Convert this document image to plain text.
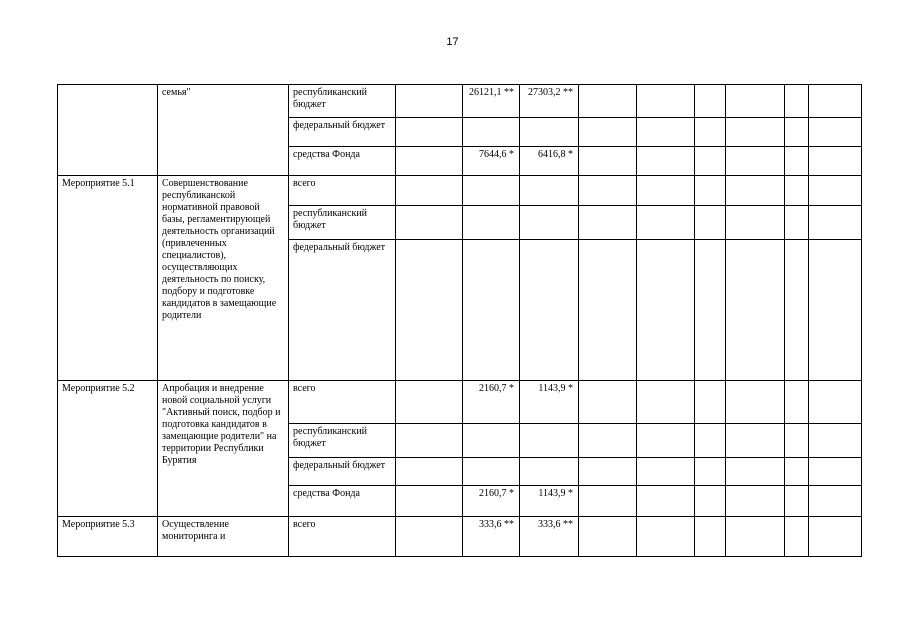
17
	семья"	республиканский бюджет		26121,1 **	27303,2 **						
		федеральный бюджет									
		средства Фонда		7644,6 *	6416,8 *						
Мероприятие 5.1	Совершенствование республиканской нормативной правовой базы, регламентирующей деятельность организаций (привлеченных специалистов), осуществляющих деятельность по поиску, подбору и подготовке кандидатов в замещающие родители	всего									
		республиканский бюджет									
		федеральный бюджет									
Мероприятие 5.2	Апробация и внедрение новой социальной услуги "Активный поиск, подбор и подготовка кандидатов в замещающие родители" на территории Республики Бурятия	всего		2160,7 *	1143,9 *						
		республиканский бюджет									
		федеральный бюджет									
		средства Фонда		2160,7 *	1143,9 *						
Мероприятие 5.3	Осуществление мониторинга и	всего		333,6 **	333,6 **						
